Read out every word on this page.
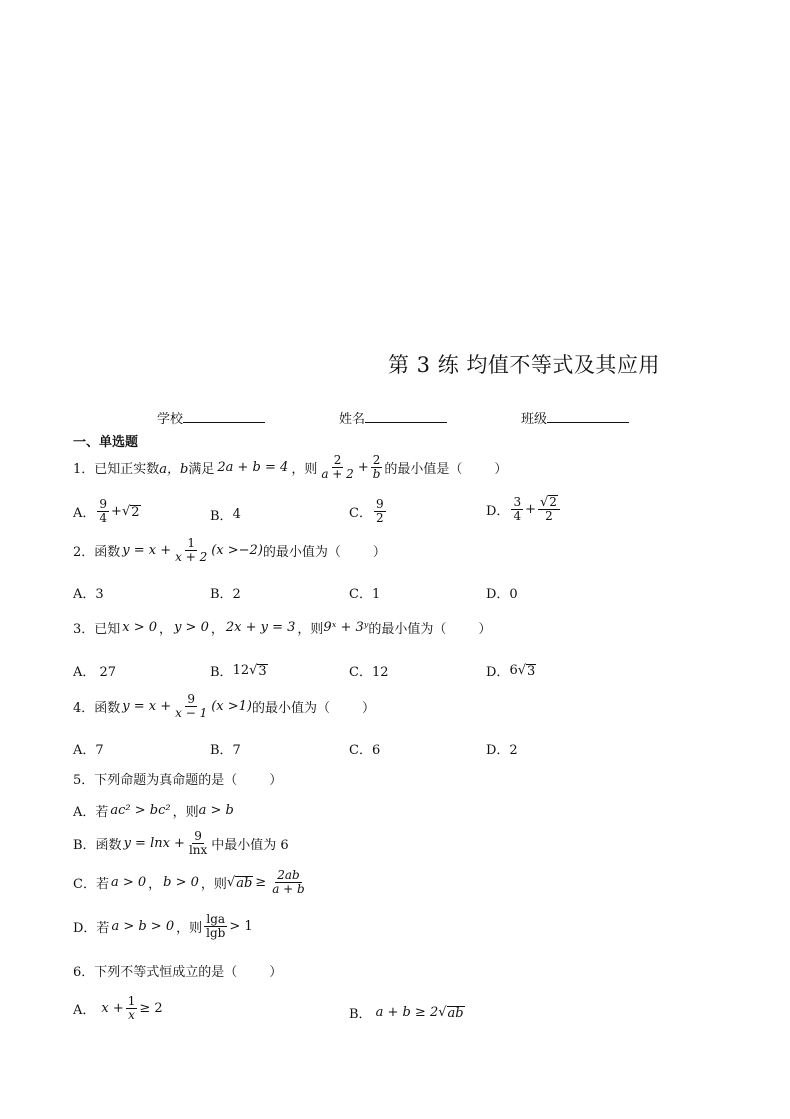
第 3 练 均值不等式及其应用
学校	姓名	班级
一、单选题
1．已知正实数 a，b 满足 2a + b = 4 ，则 $\frac{2}{a + 2} + \frac{2}{b}$ 的最小值是（ ）
A． $\frac{9}{4}$ + √ 2	B． 4	C． $\frac{9}{2}$	D． $\frac{3}{4} + \frac{√ 2}{2}$
2．函数 $y = x + \frac{1}{x + 2} (x >-2)$ 的最小值为（ ）
A．3	B．2	C．1	D．0
3．已知 x > 0 ， y > 0 ， 2x + y = 3 ，则 9ˣ + 3ʸ 的最小值为（ ）
A． 27	B． 12 √ 3	C．12	D． 6 √ 3
4．函数 $y = x + \frac{9}{x - 1} (x >1)$ 的最小值为（ ）
A．7	B．7	C．6	D．2
5．下列命题为真命题的是（ ）
A．若 ac² > bc² ，则 a > b
B．函数 $y = \ln x + \frac{9}{\ln x}$ 中最小值为 6
C．若 a > 0 ， b > 0 ，则 √ ab ≥ $\frac{2ab}{a + b}$
D．若 a > b > 0 ，则 $\frac{\lg a}{\lg b} > 1$
6．下列不等式恒成立的是（ ）
A． $x + \frac{1}{x} \ge 2$	B． a + b ≥ 2 √ ab
